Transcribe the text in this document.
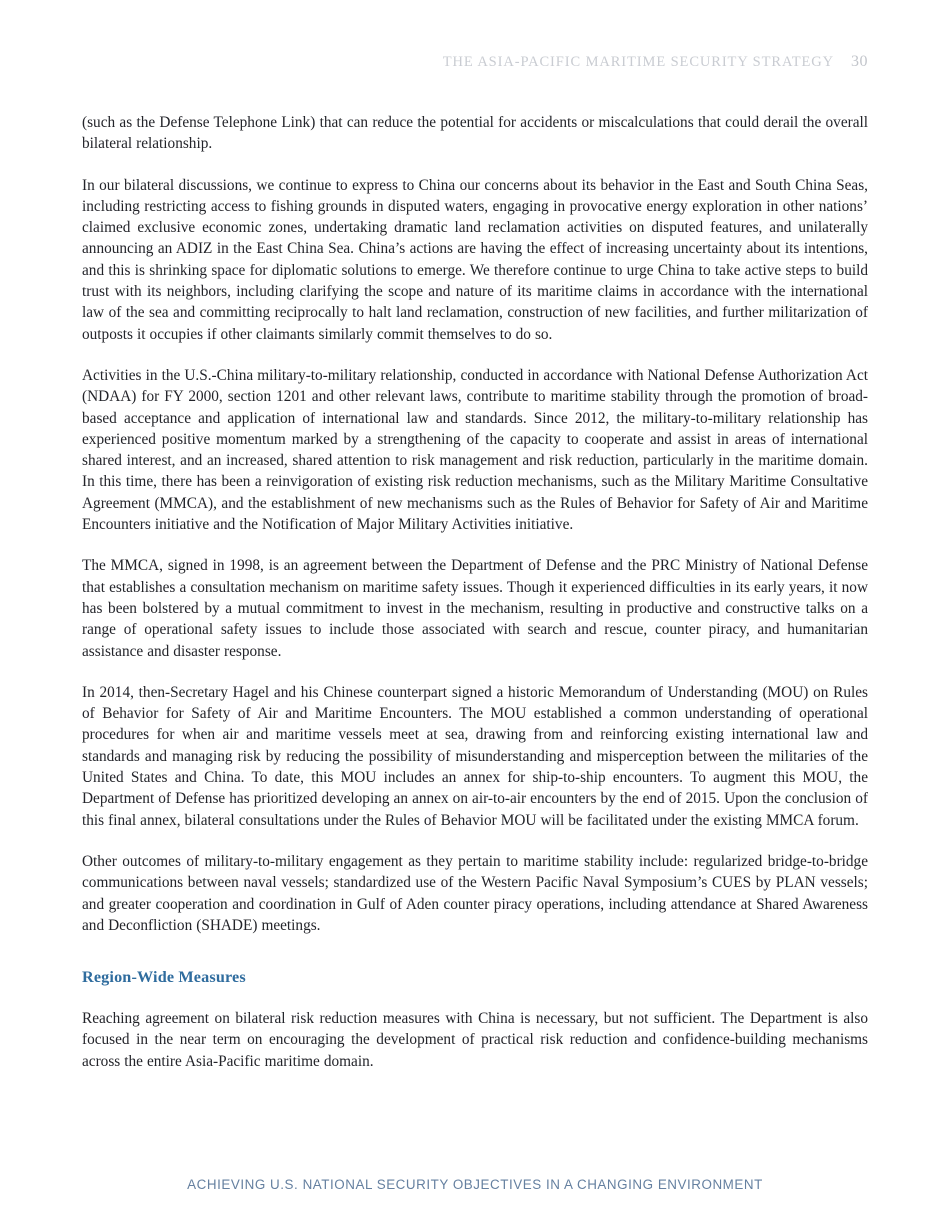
THE ASIA-PACIFIC MARITIME SECURITY STRATEGY 30

(such as the Defense Telephone Link) that can reduce the potential for accidents or miscalculations that could derail the overall bilateral relationship.

In our bilateral discussions, we continue to express to China our concerns about its behavior in the East and South China Seas, including restricting access to fishing grounds in disputed waters, engaging in provocative energy exploration in other nations’ claimed exclusive economic zones, undertaking dramatic land reclamation activities on disputed features, and unilaterally announcing an ADIZ in the East China Sea. China’s actions are having the effect of increasing uncertainty about its intentions, and this is shrinking space for diplomatic solutions to emerge. We therefore continue to urge China to take active steps to build trust with its neighbors, including clarifying the scope and nature of its maritime claims in accordance with the international law of the sea and committing reciprocally to halt land reclamation, construction of new facilities, and further militarization of outposts it occupies if other claimants similarly commit themselves to do so.

Activities in the U.S.-China military-to-military relationship, conducted in accordance with National Defense Authorization Act (NDAA) for FY 2000, section 1201 and other relevant laws, contribute to maritime stability through the promotion of broad-based acceptance and application of international law and standards. Since 2012, the military-to-military relationship has experienced positive momentum marked by a strengthening of the capacity to cooperate and assist in areas of international shared interest, and an increased, shared attention to risk management and risk reduction, particularly in the maritime domain. In this time, there has been a reinvigoration of existing risk reduction mechanisms, such as the Military Maritime Consultative Agreement (MMCA), and the establishment of new mechanisms such as the Rules of Behavior for Safety of Air and Maritime Encounters initiative and the Notification of Major Military Activities initiative.

The MMCA, signed in 1998, is an agreement between the Department of Defense and the PRC Ministry of National Defense that establishes a consultation mechanism on maritime safety issues. Though it experienced difficulties in its early years, it now has been bolstered by a mutual commitment to invest in the mechanism, resulting in productive and constructive talks on a range of operational safety issues to include those associated with search and rescue, counter piracy, and humanitarian assistance and disaster response.

In 2014, then-Secretary Hagel and his Chinese counterpart signed a historic Memorandum of Understanding (MOU) on Rules of Behavior for Safety of Air and Maritime Encounters. The MOU established a common understanding of operational procedures for when air and maritime vessels meet at sea, drawing from and reinforcing existing international law and standards and managing risk by reducing the possibility of misunderstanding and misperception between the militaries of the United States and China. To date, this MOU includes an annex for ship-to-ship encounters. To augment this MOU, the Department of Defense has prioritized developing an annex on air-to-air encounters by the end of 2015. Upon the conclusion of this final annex, bilateral consultations under the Rules of Behavior MOU will be facilitated under the existing MMCA forum.

Other outcomes of military-to-military engagement as they pertain to maritime stability include: regularized bridge-to-bridge communications between naval vessels; standardized use of the Western Pacific Naval Symposium’s CUES by PLAN vessels; and greater cooperation and coordination in Gulf of Aden counter piracy operations, including attendance at Shared Awareness and Deconfliction (SHADE) meetings.

Region-Wide Measures

Reaching agreement on bilateral risk reduction measures with China is necessary, but not sufficient. The Department is also focused in the near term on encouraging the development of practical risk reduction and confidence-building mechanisms across the entire Asia-Pacific maritime domain.

ACHIEVING U.S. NATIONAL SECURITY OBJECTIVES IN A CHANGING ENVIRONMENT
